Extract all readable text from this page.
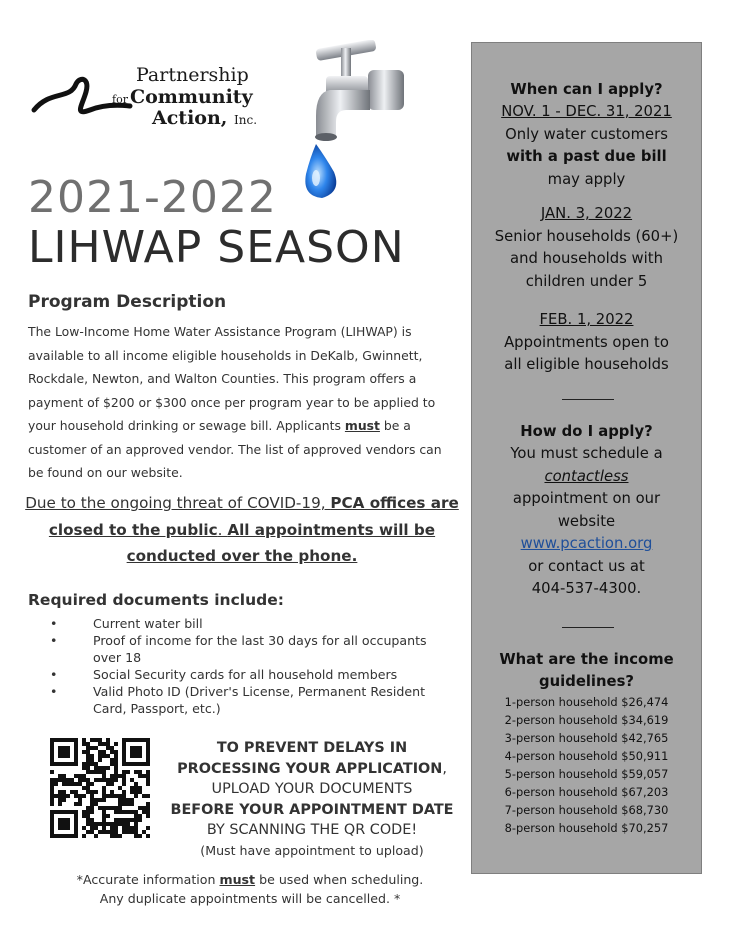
Partnership
for Community
Action, Inc.
2021-2022
LIHWAP SEASON
Program Description

The Low-Income Home Water Assistance Program (LIHWAP) is available to all income eligible households in DeKalb, Gwinnett, Rockdale, Newton, and Walton Counties. This program offers a payment of $200 or $300 once per program year to be applied to your household drinking or sewage bill. Applicants must be a customer of an approved vendor. The list of approved vendors can be found on our website.

Due to the ongoing threat of COVID-19, PCA offices are closed to the public. All appointments will be conducted over the phone.

Required documents include:
• Current water bill
• Proof of income for the last 30 days for all occupants over 18
• Social Security cards for all household members
• Valid Photo ID (Driver's License, Permanent Resident Card, Passport, etc.)
TO PREVENT DELAYS IN
PROCESSING YOUR APPLICATION,
UPLOAD YOUR DOCUMENTS
BEFORE YOUR APPOINTMENT DATE
BY SCANNING THE QR CODE!
(Must have appointment to upload)
*Accurate information must be used when scheduling.
Any duplicate appointments will be cancelled. *
When can I apply?
NOV. 1 - DEC. 31, 2021
Only water customers
with a past due bill
may apply
JAN. 3, 2022
Senior households (60+)
and households with
children under 5
FEB. 1, 2022
Appointments open to
all eligible households
How do I apply?
You must schedule a
contactless
appointment on our
website
www.pcaction.org
or contact us at
404-537-4300.
What are the income
guidelines?
1-person household $26,474
2-person household $34,619
3-person household $42,765
4-person household $50,911
5-person household $59,057
6-person household $67,203
7-person household $68,730
8-person household $70,257
